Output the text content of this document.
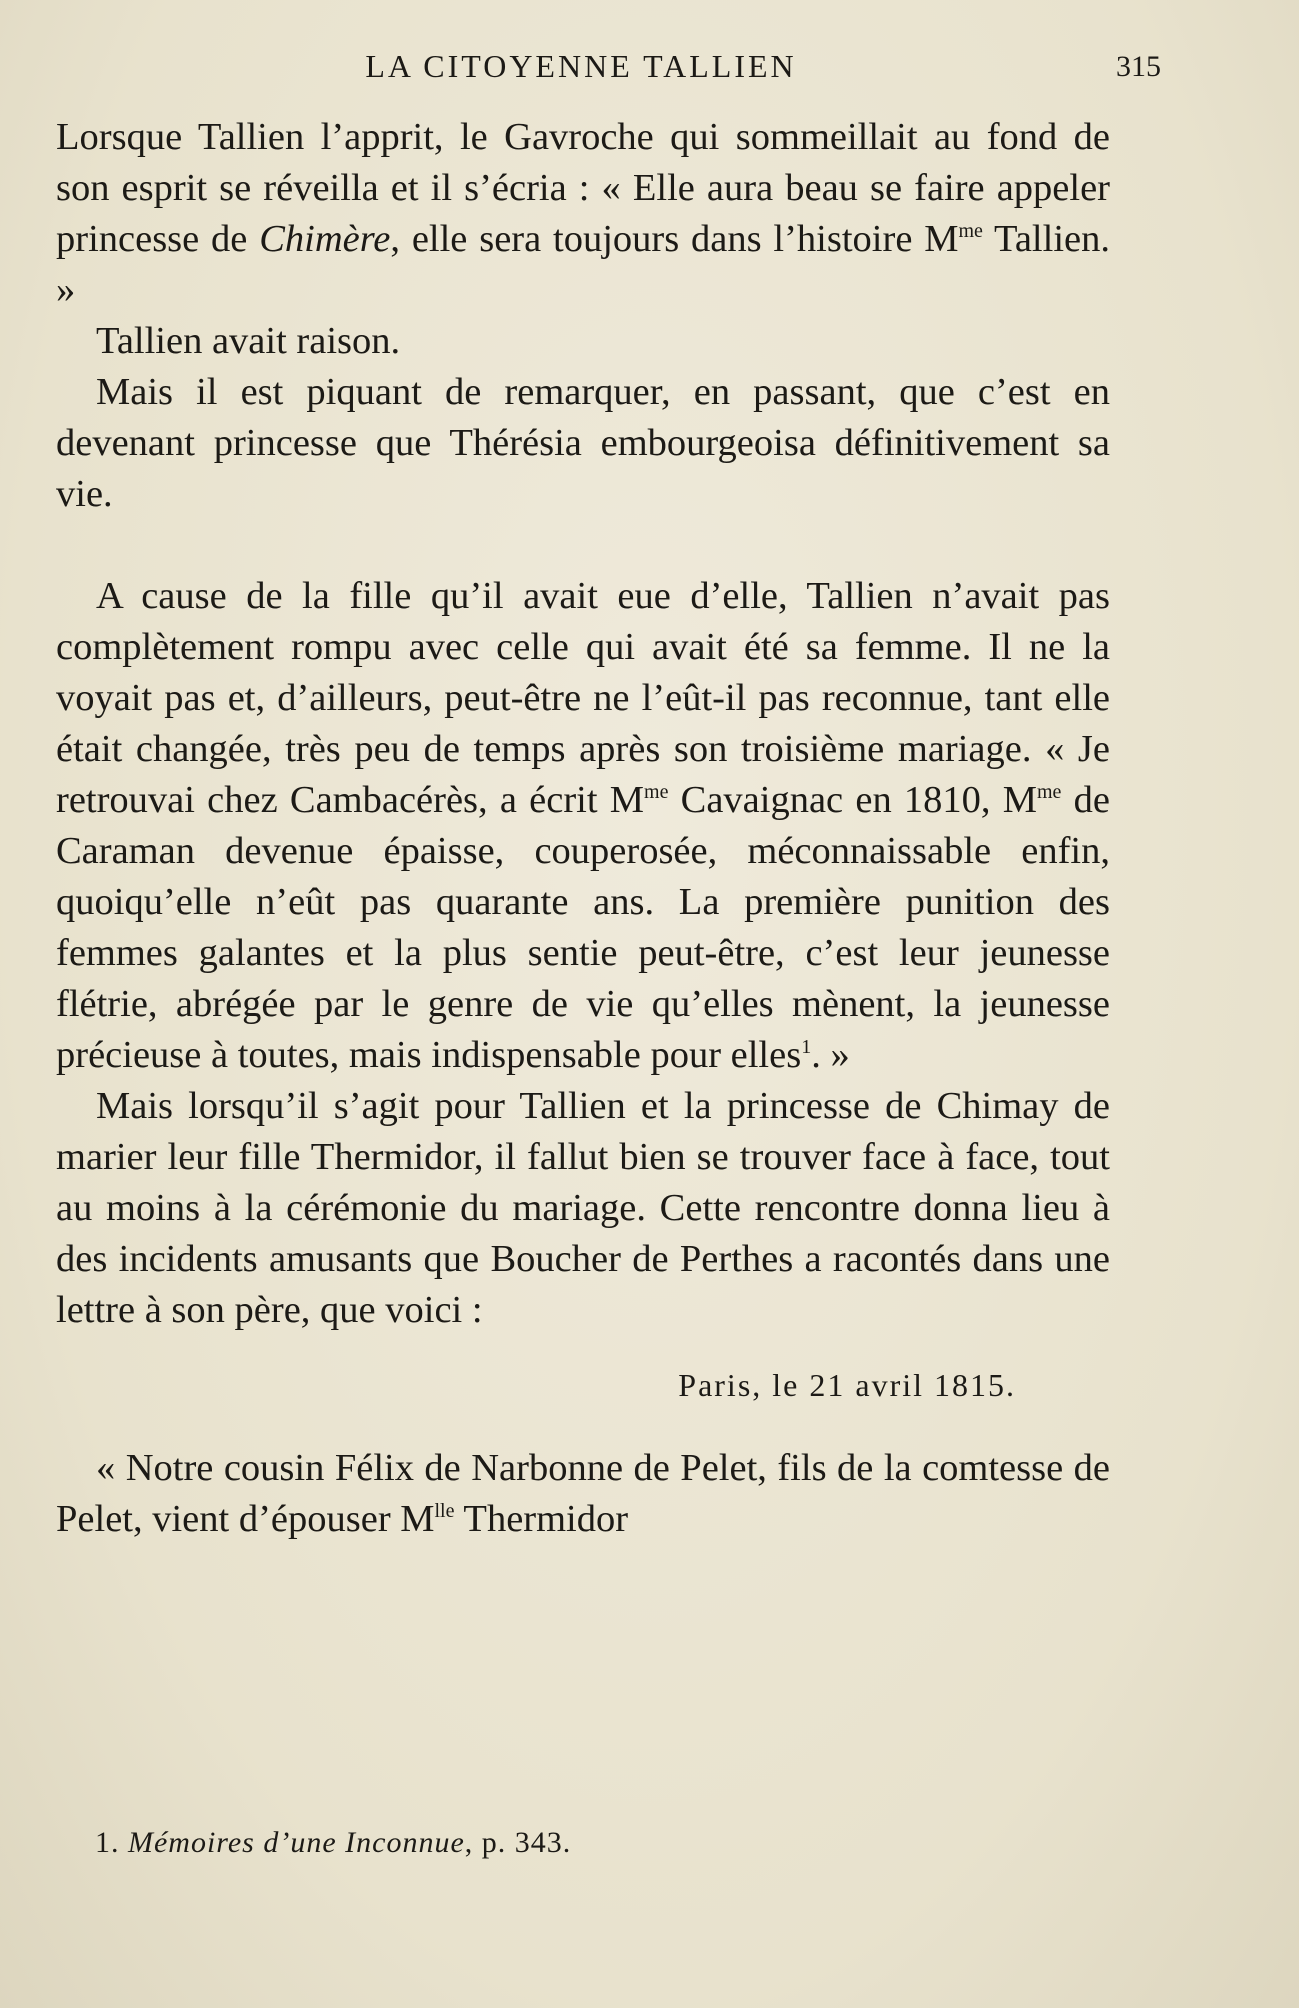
LA CITOYENNE TALLIEN	315

Lorsque Tallien l’apprit, le Gavroche qui sommeillait au fond de son esprit se réveilla et il s’écria : « Elle aura beau se faire appeler princesse de Chimère, elle sera toujours dans l’histoire $M^{me}$ Tallien. »

Tallien avait raison.

Mais il est piquant de remarquer, en passant, que c’est en devenant princesse que Thérésia embourgeoisa définitivement sa vie.

A cause de la fille qu’il avait eue d’elle, Tallien n’avait pas complètement rompu avec celle qui avait été sa femme. Il ne la voyait pas et, d’ailleurs, peut-être ne l’eût-il pas reconnue, tant elle était changée, très peu de temps après son troisième mariage. « Je retrouvai chez Cambacérès, a écrit $M^{me}$ Cavaignac en 1810, $M^{me}$ de Caraman devenue épaisse, couperosée, méconnaissable enfin, quoiqu’elle n’eût pas quarante ans. La première punition des femmes galantes et la plus sentie peut-être, c’est leur jeunesse flétrie, abrégée par le genre de vie qu’elles mènent, la jeunesse précieuse à toutes, mais indispensable pour elles$^1$. »

Mais lorsqu’il s’agit pour Tallien et la princesse de Chimay de marier leur fille Thermidor, il fallut bien se trouver face à face, tout au moins à la cérémonie du mariage. Cette rencontre donna lieu à des incidents amusants que Boucher de Perthes a racontés dans une lettre à son père, que voici :

Paris, le 21 avril 1815.

« Notre cousin Félix de Narbonne de Pelet, fils de la comtesse de Pelet, vient d’épouser $M^{lle}$ Thermidor

1. Mémoires d’une Inconnue, p. 343.
